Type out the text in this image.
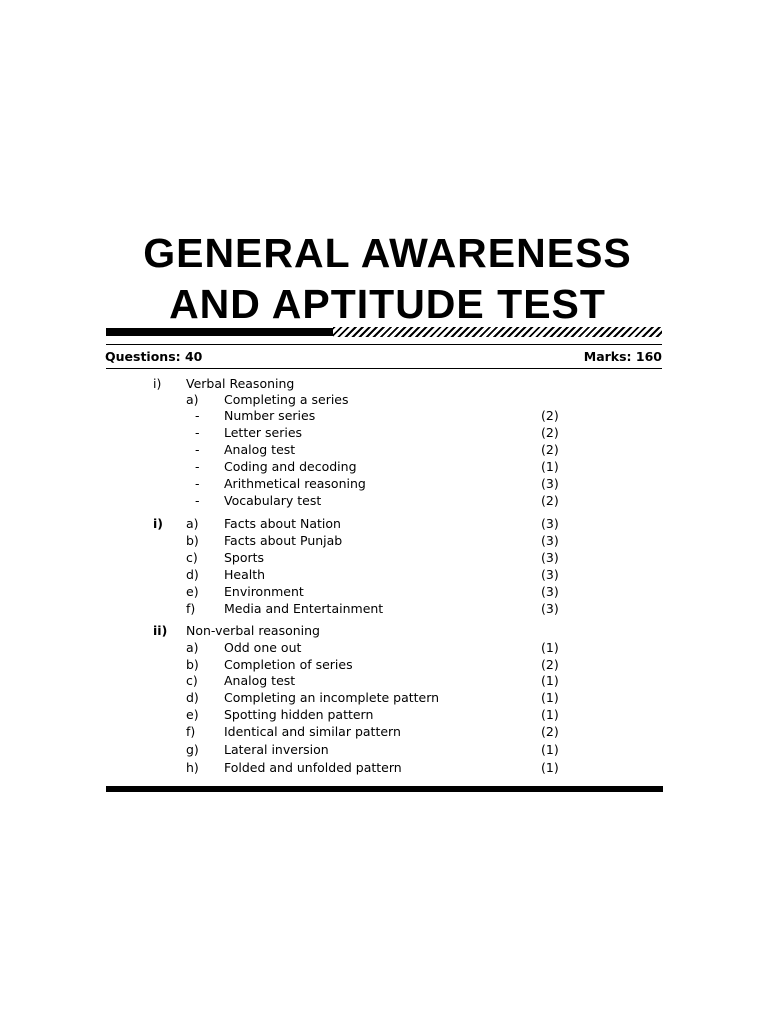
GENERAL AWARENESS
AND APTITUDE TEST
Questions: 40	Marks: 160
i) Verbal Reasoning
a) Completing a series
- Number series	(2)
- Letter series	(2)
- Analog test	(2)
- Coding and decoding	(1)
- Arithmetical reasoning	(3)
- Vocabulary test	(2)
i) a) Facts about Nation	(3)
b) Facts about Punjab	(3)
c) Sports	(3)
d) Health	(3)
e) Environment	(3)
f) Media and Entertainment	(3)
ii) Non-verbal reasoning
a) Odd one out	(1)
b) Completion of series	(2)
c) Analog test	(1)
d) Completing an incomplete pattern	(1)
e) Spotting hidden pattern	(1)
f) Identical and similar pattern	(2)
g) Lateral inversion	(1)
h) Folded and unfolded pattern	(1)
